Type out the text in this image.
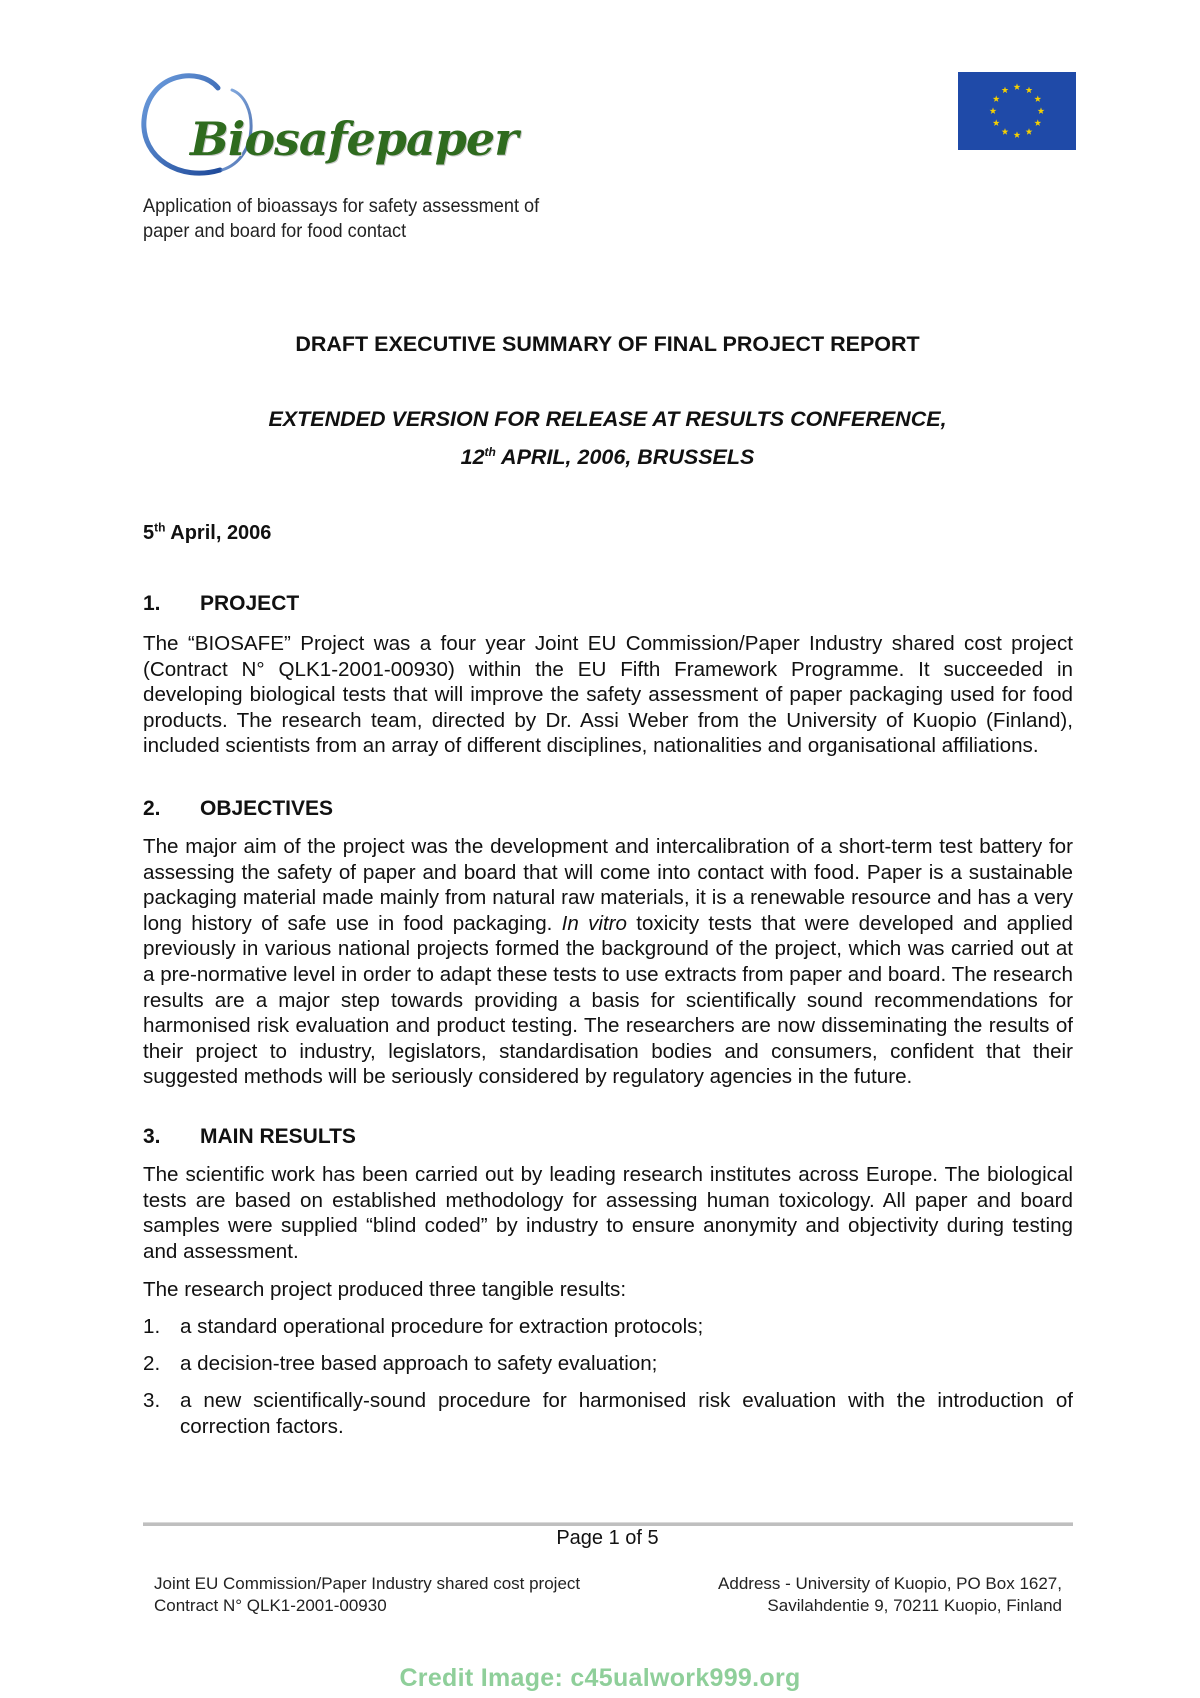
Biosafepaper
Application of bioassays for safety assessment of
paper and board for food contact
DRAFT EXECUTIVE SUMMARY OF FINAL PROJECT REPORT
EXTENDED VERSION FOR RELEASE AT RESULTS CONFERENCE,
12th APRIL, 2006, BRUSSELS
5th April, 2006
1. PROJECT

The “BIOSAFE” Project was a four year Joint EU Commission/Paper Industry shared cost project (Contract N° QLK1-2001-00930) within the EU Fifth Framework Programme. It succeeded in developing biological tests that will improve the safety assessment of paper packaging used for food products. The research team, directed by Dr. Assi Weber from the University of Kuopio (Finland), included scientists from an array of different disciplines, nationalities and organisational affiliations.

2. OBJECTIVES

The major aim of the project was the development and intercalibration of a short-term test battery for assessing the safety of paper and board that will come into contact with food. Paper is a sustainable packaging material made mainly from natural raw materials, it is a renewable resource and has a very long history of safe use in food packaging. In vitro toxicity tests that were developed and applied previously in various national projects formed the background of the project, which was carried out at a pre-normative level in order to adapt these tests to use extracts from paper and board. The research results are a major step towards providing a basis for scientifically sound recommendations for harmonised risk evaluation and product testing. The researchers are now disseminating the results of their project to industry, legislators, standardisation bodies and consumers, confident that their suggested methods will be seriously considered by regulatory agencies in the future.

3. MAIN RESULTS

The scientific work has been carried out by leading research institutes across Europe. The biological tests are based on established methodology for assessing human toxicology. All paper and board samples were supplied “blind coded” by industry to ensure anonymity and objectivity during testing and assessment.

The research project produced three tangible results:

1. a standard operational procedure for extraction protocols;
2. a decision-tree based approach to safety evaluation;
3. a new scientifically-sound procedure for harmonised risk evaluation with the introduction of correction factors.
Page 1 of 5
Joint EU Commission/Paper Industry shared cost project
Contract N° QLK1-2001-00930
Address - University of Kuopio, PO Box 1627,
Savilahdentie 9, 70211 Kuopio, Finland
Credit Image: c45ualwork999.org
